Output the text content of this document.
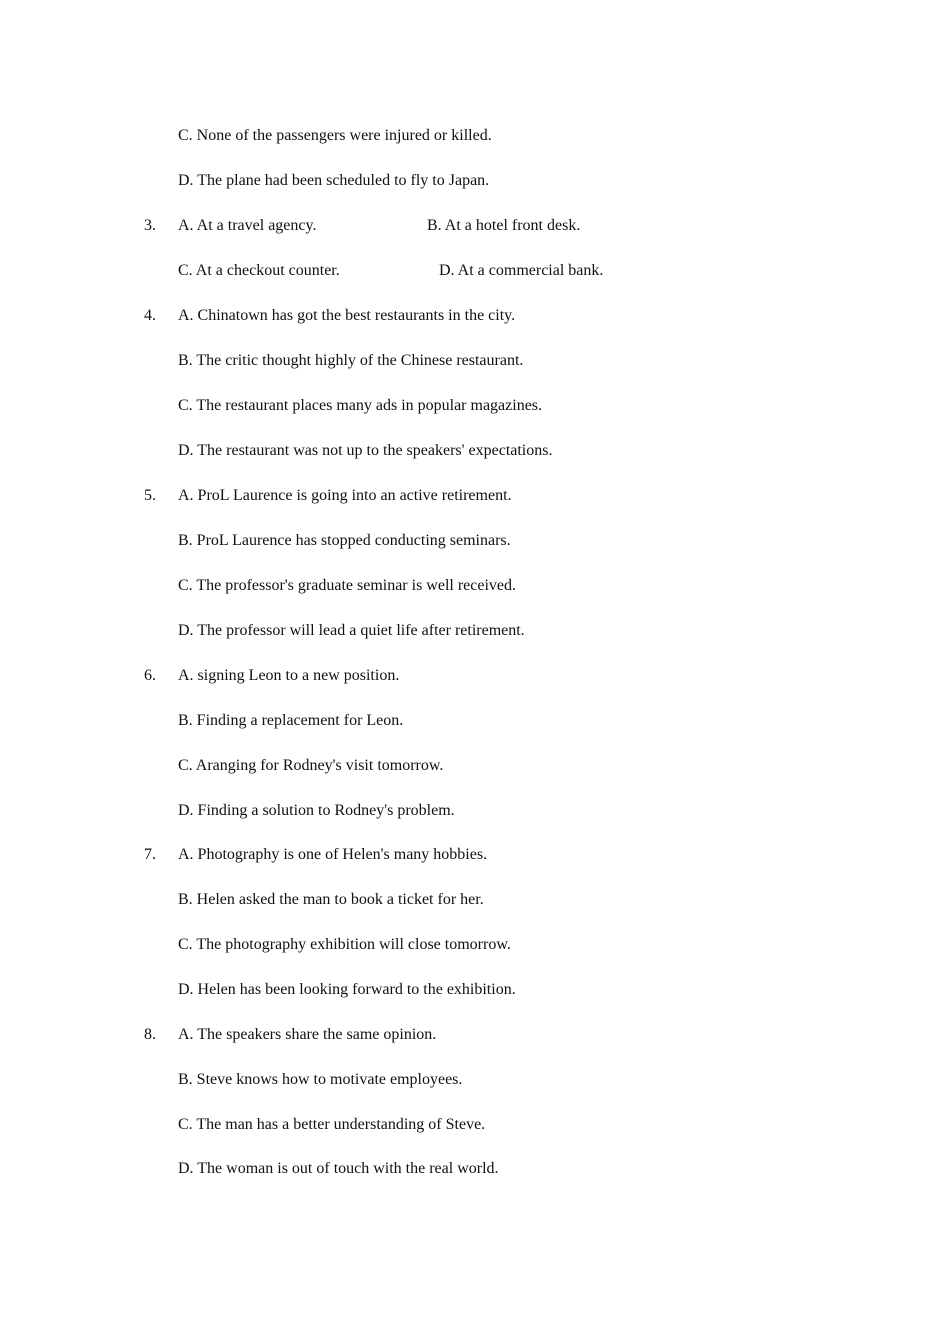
C. None of the passengers were injured or killed.
D. The plane had been scheduled to fly to Japan.
3. A. At a travel agency.	B. At a hotel front desk.
C. At a checkout counter.	D. At a commercial bank.
4. A. Chinatown has got the best restaurants in the city.
B. The critic thought highly of the Chinese restaurant.
C. The restaurant places many ads in popular magazines.
D. The restaurant was not up to the speakers' expectations.
5. A. ProL Laurence is going into an active retirement.
B. ProL Laurence has stopped conducting seminars.
C. The professor's graduate seminar is well received.
D. The professor will lead a quiet life after retirement.
6. A. signing Leon to a new position.
B. Finding a replacement for Leon.
C. Aranging for Rodney's visit tomorrow.
D. Finding a solution to Rodney's problem.
7. A. Photography is one of Helen's many hobbies.
B. Helen asked the man to book a ticket for her.
C. The photography exhibition will close tomorrow.
D. Helen has been looking forward to the exhibition.
8. A. The speakers share the same opinion.
B. Steve knows how to motivate employees.
C. The man has a better understanding of Steve.
D. The woman is out of touch with the real world.
